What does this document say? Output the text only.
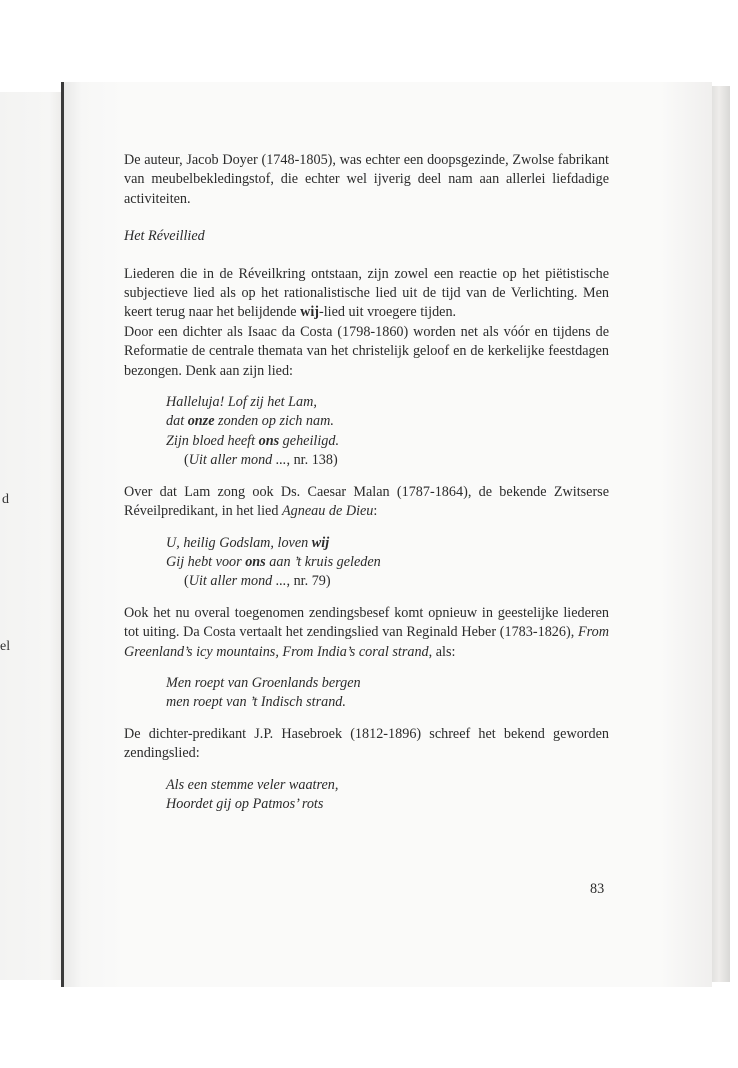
d
el

De auteur, Jacob Doyer (1748-1805), was echter een doopsgezinde, Zwolse fabrikant van meubelbekledingstof, die echter wel ijverig deel nam aan allerlei liefdadige activiteiten.

Het Réveillied

Liederen die in de Réveilkring ontstaan, zijn zowel een reactie op het piëtistische subjectieve lied als op het rationalistische lied uit de tijd van de Verlichting. Men keert terug naar het belijdende wij-lied uit vroegere tijden.

Door een dichter als Isaac da Costa (1798-1860) worden net als vóór en tijdens de Reformatie de centrale themata van het christelijk geloof en de kerkelijke feestdagen bezongen. Denk aan zijn lied:

Halleluja! Lof zij het Lam,
dat onze zonden op zich nam.
Zijn bloed heeft ons geheiligd.
(Uit aller mond ..., nr. 138)

Over dat Lam zong ook Ds. Caesar Malan (1787-1864), de bekende Zwitserse Réveilpredikant, in het lied Agneau de Dieu:

U, heilig Godslam, loven wij
Gij hebt voor ons aan ’t kruis geleden
(Uit aller mond ..., nr. 79)

Ook het nu overal toegenomen zendingsbesef komt opnieuw in geestelijke liederen tot uiting. Da Costa vertaalt het zendingslied van Reginald Heber (1783-1826), From Greenland’s icy mountains, From India’s coral strand, als:

Men roept van Groenlands bergen
men roept van ’t Indisch strand.

De dichter-predikant J.P. Hasebroek (1812-1896) schreef het bekend geworden zendingslied:

Als een stemme veler waatren,
Hoordet gij op Patmos’ rots
83
